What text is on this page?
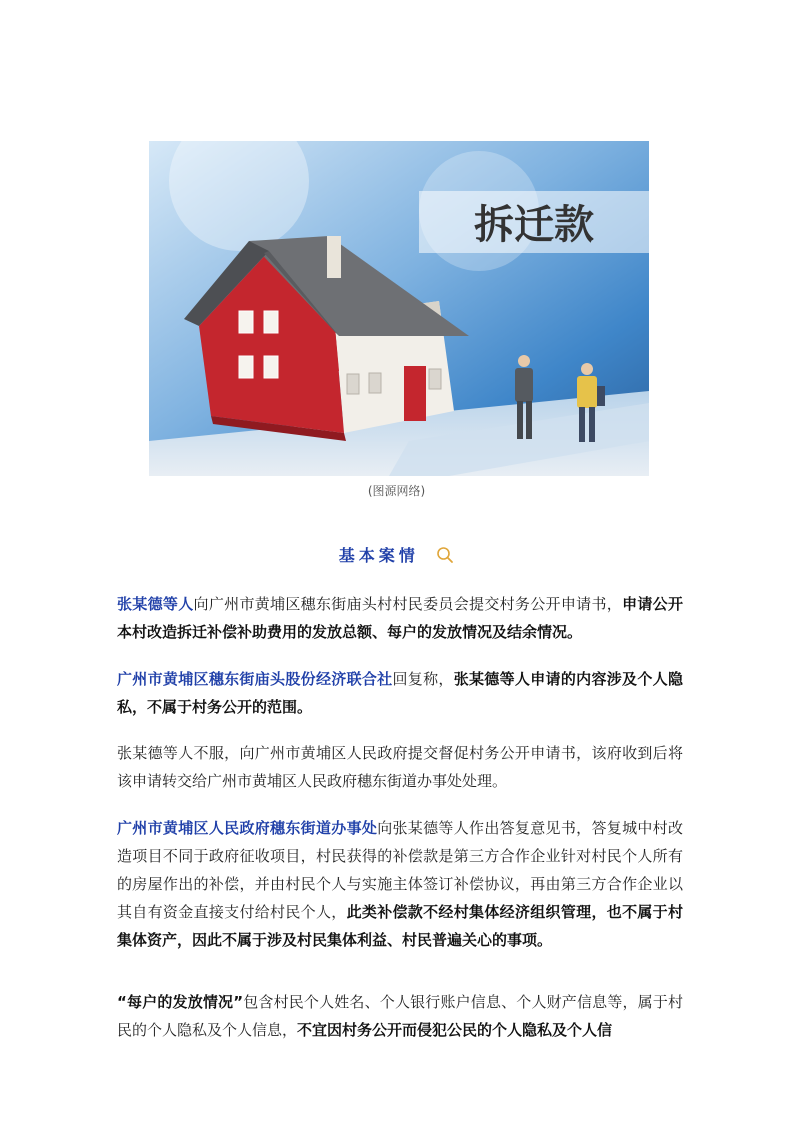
拆迁款
(图源网络)
基本案情

张某德等人向广州市黄埔区穗东街庙头村村民委员会提交村务公开申请书，申请公开本村改造拆迁补偿补助费用的发放总额、每户的发放情况及结余情况。

广州市黄埔区穗东街庙头股份经济联合社回复称，张某德等人申请的内容涉及个人隐私，不属于村务公开的范围。

张某德等人不服，向广州市黄埔区人民政府提交督促村务公开申请书，该府收到后将该申请转交给广州市黄埔区人民政府穗东街道办事处处理。

广州市黄埔区人民政府穗东街道办事处向张某德等人作出答复意见书，答复城中村改造项目不同于政府征收项目，村民获得的补偿款是第三方合作企业针对村民个人所有的房屋作出的补偿，并由村民个人与实施主体签订补偿协议，再由第三方合作企业以其自有资金直接支付给村民个人，此类补偿款不经村集体经济组织管理，也不属于村集体资产，因此不属于涉及村民集体利益、村民普遍关心的事项。

“每户的发放情况”包含村民个人姓名、个人银行账户信息、个人财产信息等，属于村民的个人隐私及个人信息，不宜因村务公开而侵犯公民的个人隐私及个人信
